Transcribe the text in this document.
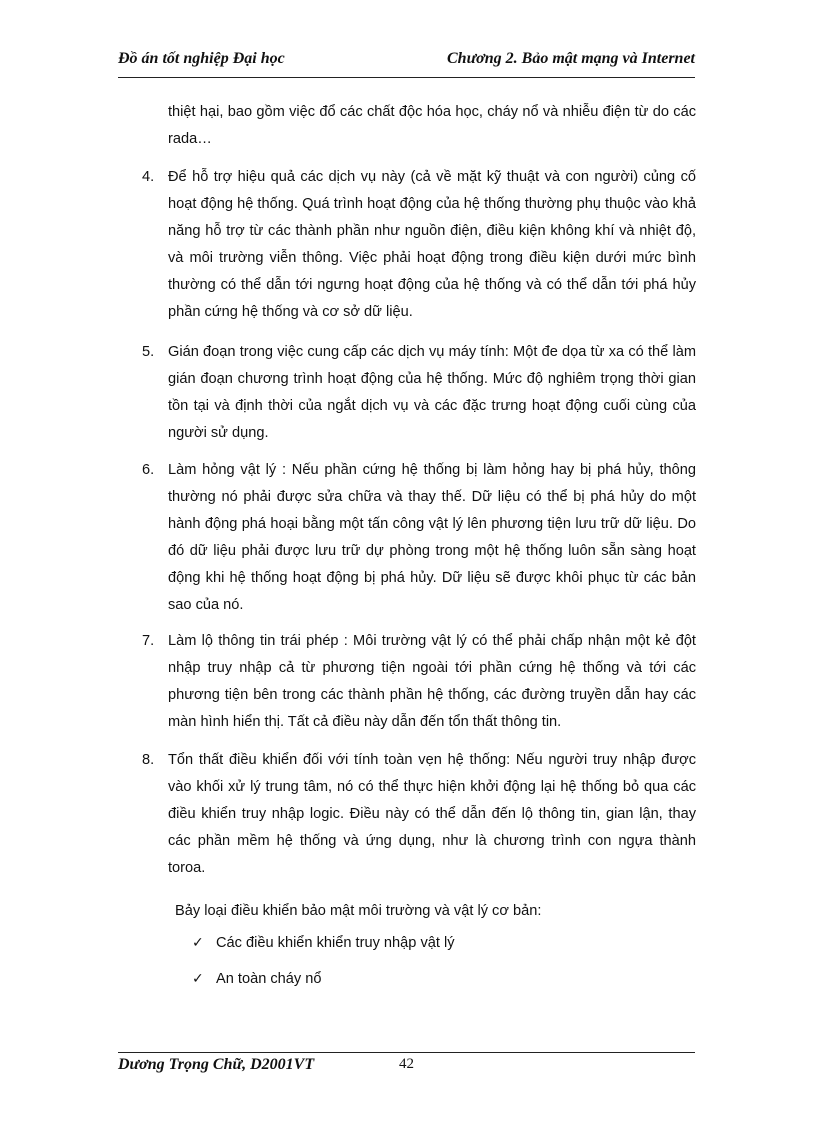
Đồ án tốt nghiệp Đại học	Chương 2. Bảo mật mạng và Internet

thiệt hại, bao gồm việc đổ các chất độc hóa học, cháy nổ và nhiễu điện từ do các rada…

4. Để hỗ trợ hiệu quả các dịch vụ này (cả về mặt kỹ thuật và con người) củng cố hoạt động hệ thống. Quá trình hoạt động của hệ thống thường phụ thuộc vào khả năng hỗ trợ từ các thành phần như nguồn điện, điều kiện không khí và nhiệt độ, và môi trường viễn thông. Việc phải hoạt động trong điều kiện dưới mức bình thường có thể dẫn tới ngưng hoạt động của hệ thống và có thể dẫn tới phá hủy phần cứng hệ thống và cơ sở dữ liệu.
5. Gián đoạn trong việc cung cấp các dịch vụ máy tính: Một đe dọa từ xa có thể làm gián đoạn chương trình hoạt động của hệ thống. Mức độ nghiêm trọng thời gian tồn tại và định thời của ngắt dịch vụ và các đặc trưng hoạt động cuối cùng của người sử dụng.
6. Làm hỏng vật lý : Nếu phần cứng hệ thống bị làm hỏng hay bị phá hủy, thông thường nó phải được sửa chữa và thay thế. Dữ liệu có thể bị phá hủy do một hành động phá hoại bằng một tấn công vật lý lên phương tiện lưu trữ dữ liệu. Do đó dữ liệu phải được lưu trữ dự phòng trong một hệ thống luôn sẵn sàng hoạt động khi hệ thống hoạt động bị phá hủy. Dữ liệu sẽ được khôi phục từ các bản sao của nó.
7. Làm lộ thông tin trái phép : Môi trường vật lý có thể phải chấp nhận một kẻ đột nhập truy nhập cả từ phương tiện ngoài tới phần cứng hệ thống và tới các phương tiện bên trong các thành phần hệ thống, các đường truyền dẫn hay các màn hình hiển thị. Tất cả điều này dẫn đến tổn thất thông tin.
8. Tổn thất điều khiển đối với tính toàn vẹn hệ thống: Nếu người truy nhập được vào khối xử lý trung tâm, nó có thể thực hiện khởi động lại hệ thống bỏ qua các điều khiển truy nhập logic. Điều này có thể dẫn đến lộ thông tin, gian lận, thay các phần mềm hệ thống và ứng dụng, như là chương trình con ngựa thành toroa.
Bảy loại điều khiển bảo mật môi trường và vật lý cơ bản:
✓ Các điều khiển khiển truy nhập vật lý
✓ An toàn cháy nổ
Dương Trọng Chữ, D2001VT	42
